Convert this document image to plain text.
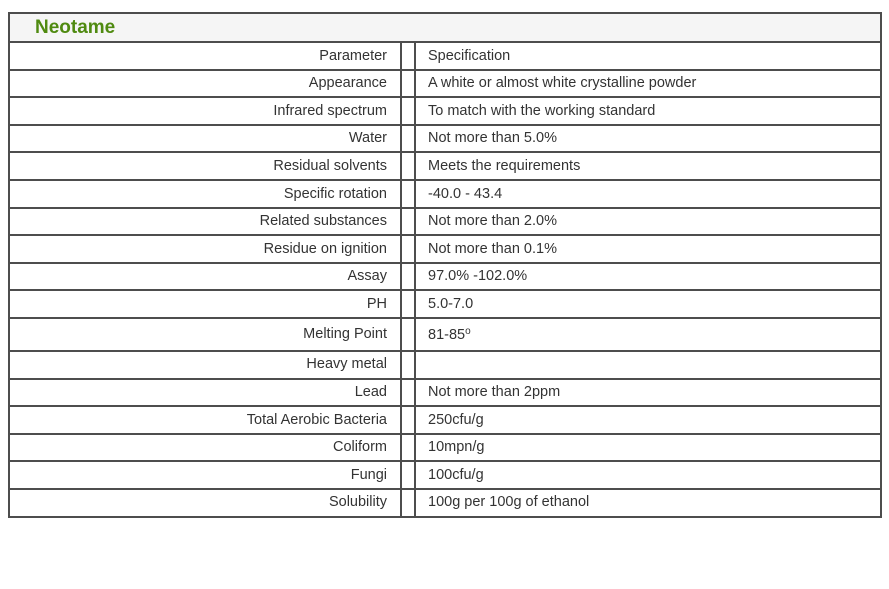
Neotame
Parameter		Specification
Appearance		A white or almost white crystalline powder
Infrared spectrum		To match with the working standard
Water		Not more than 5.0%
Residual solvents		Meets the requirements
Specific rotation		-40.0 - 43.4
Related substances		Not more than 2.0%
Residue on ignition		Not more than 0.1%
Assay		97.0% -102.0%
PH		5.0-7.0
Melting Point		81-85$^o$
Heavy metal		
Lead		Not more than 2ppm
Total Aerobic Bacteria		250cfu/g
Coliform		10mpn/g
Fungi		100cfu/g
Solubility		100g per 100g of ethanol
